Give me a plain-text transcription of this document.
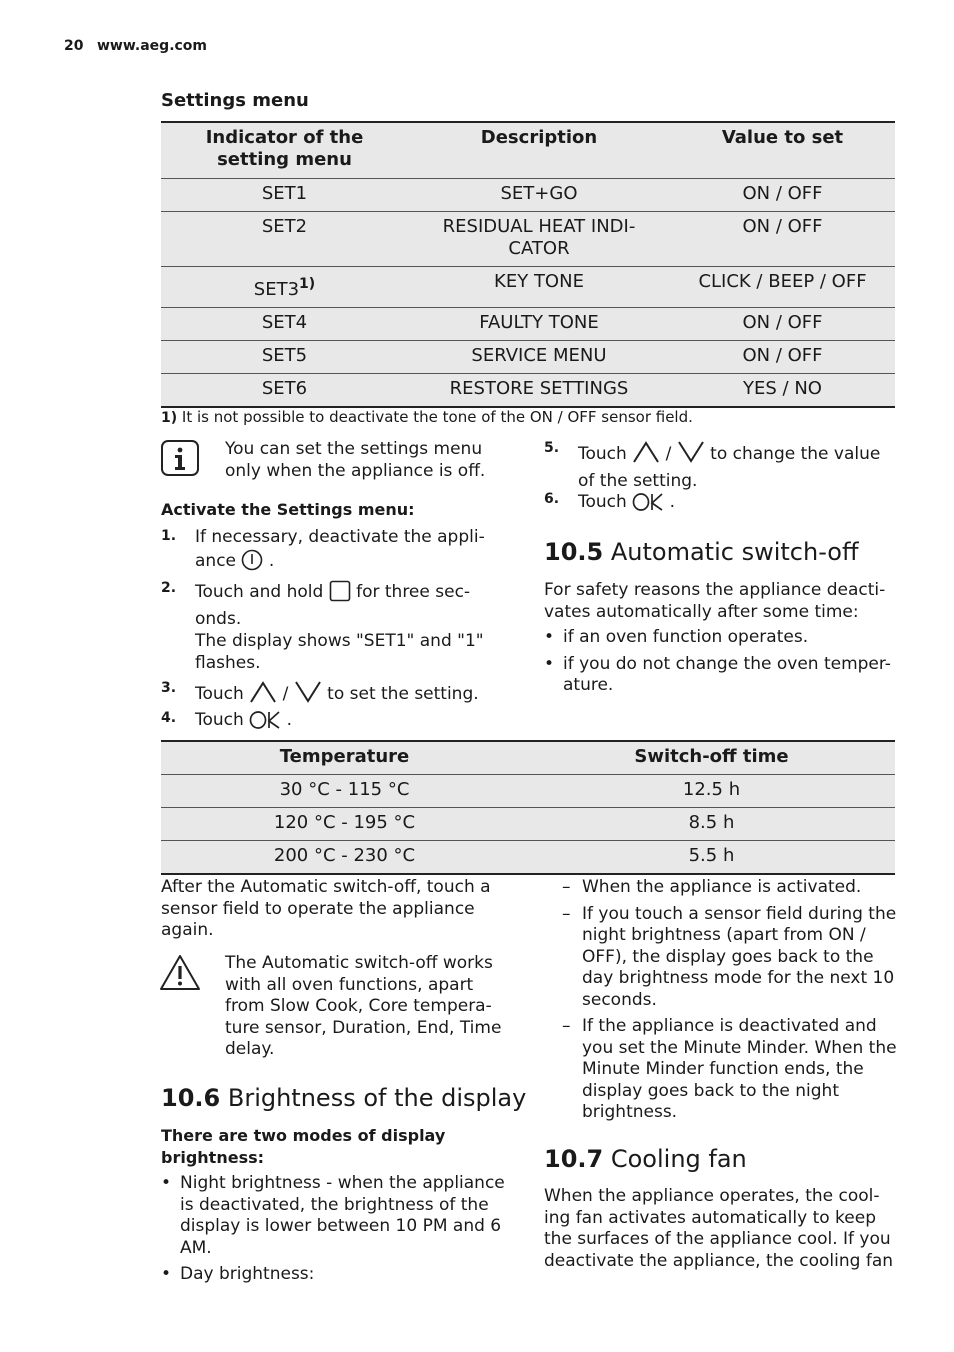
20 www.aeg.com
Settings menu
Indicator of the setting menu	Description	Value to set
SET1	SET+GO	ON / OFF
SET2	RESIDUAL HEAT INDI-CATOR	ON / OFF
SET3$^{1)}$	KEY TONE	CLICK / BEEP / OFF
SET4	FAULTY TONE	ON / OFF
SET5	SERVICE MENU	ON / OFF
SET6	RESTORE SETTINGS	YES / NO
1) It is not possible to deactivate the tone of the ON / OFF sensor field.
You can set the settings menu only when the appliance is off.
Activate the Settings menu:
1. If necessary, deactivate the appli-ance .
2. Touch and hold for three sec-onds.
The display shows "SET1" and "1" flashes.
3. Touch / to set the setting.
4. Touch	.
5. Touch / to change the value of the setting.
6. Touch	.
10.5 Automatic switch-off
For safety reasons the appliance deacti-vates automatically after some time:
• if an oven function operates.
• if you do not change the oven temper-ature.
Temperature	Switch-off time
30 °C - 115 °C	12.5 h
120 °C - 195 °C	8.5 h
200 °C - 230 °C	5.5 h
After the Automatic switch-off, touch a sensor field to operate the appliance again.
The Automatic switch-off works with all oven functions, apart from Slow Cook, Core tempera-ture sensor, Duration, End, Time delay.
10.6 Brightness of the display
There are two modes of display brightness:
• Night brightness - when the appliance is deactivated, the brightness of the display is lower between 10 PM and 6 AM.
• Day brightness:
– When the appliance is activated.
– If you touch a sensor field during the night brightness (apart from ON / OFF), the display goes back to the day brightness mode for the next 10 seconds.
– If the appliance is deactivated and you set the Minute Minder. When the Minute Minder function ends, the display goes back to the night brightness.
10.7 Cooling fan
When the appliance operates, the cool-ing fan activates automatically to keep the surfaces of the appliance cool. If you deactivate the appliance, the cooling fan
